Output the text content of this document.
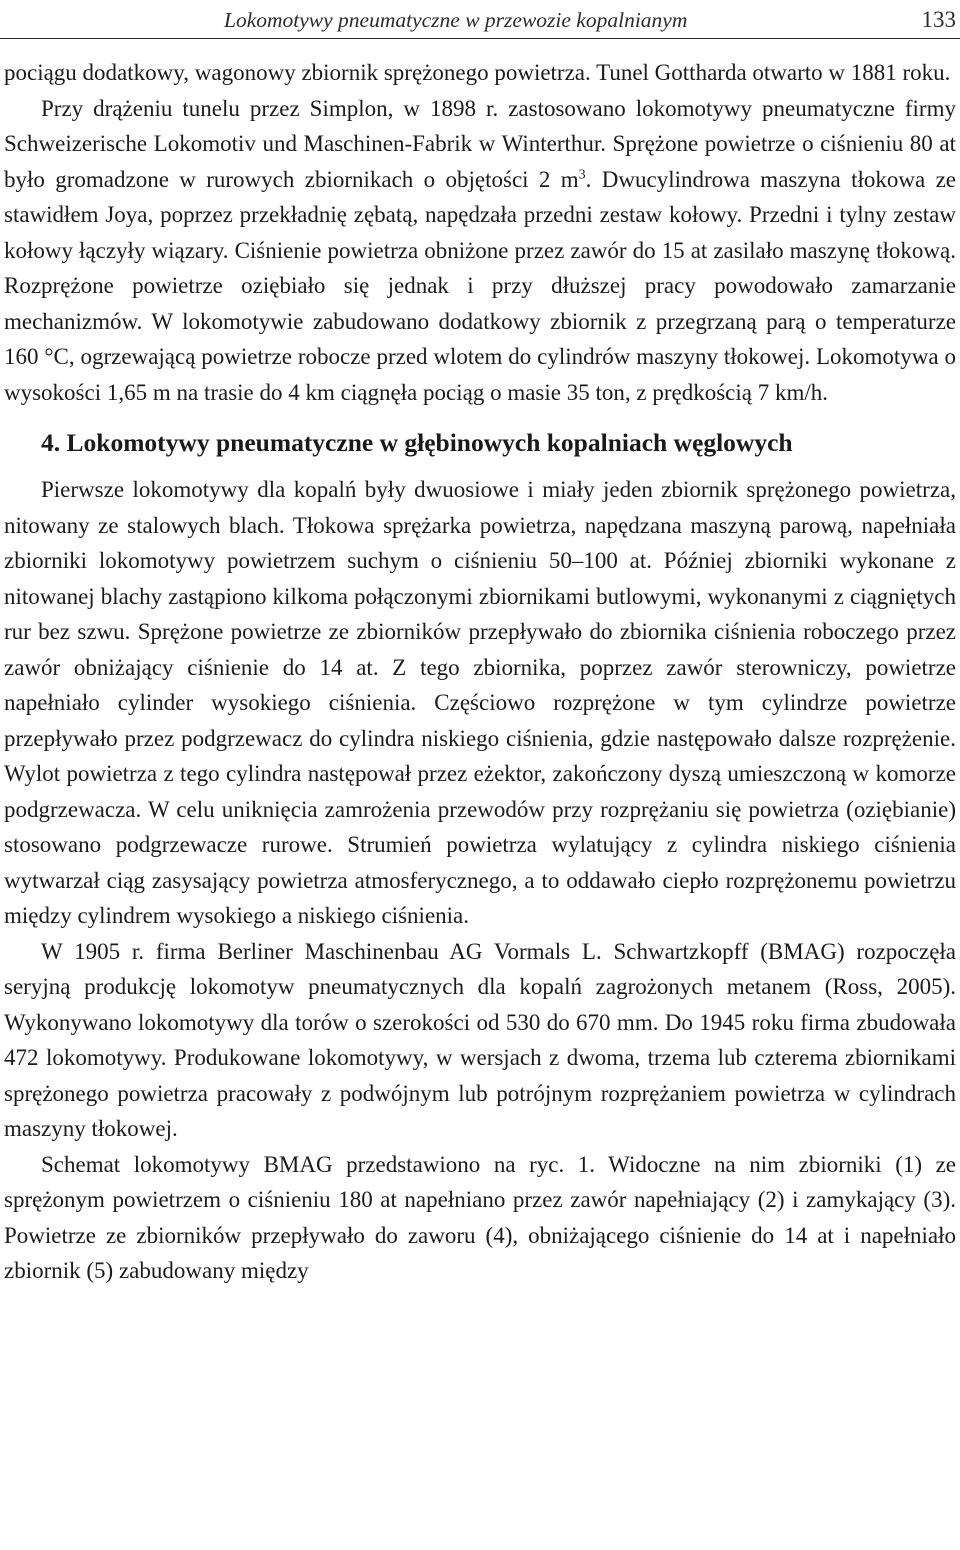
Lokomotywy pneumatyczne w przewozie kopalnianym	133

pociągu dodatkowy, wagonowy zbiornik sprężonego powietrza. Tunel Gottharda otwarto w 1881 roku.

Przy drążeniu tunelu przez Simplon, w 1898 r. zastosowano lokomotywy pneumatyczne firmy Schweizerische Lokomotiv und Maschinen-Fabrik w Winterthur. Sprężone powietrze o ciśnieniu 80 at było gromadzone w rurowych zbiornikach o objętości 2 $m^3$. Dwucylindrowa maszyna tłokowa ze stawidłem Joya, poprzez przekładnię zębatą, napędzała przedni zestaw kołowy. Przedni i tylny zestaw kołowy łączyły wiązary. Ciśnienie powietrza obniżone przez zawór do 15 at zasilało maszynę tłokową. Rozprężone powietrze oziębiało się jednak i przy dłuższej pracy powodowało zamarzanie mechanizmów. W lokomotywie zabudowano dodatkowy zbiornik z przegrzaną parą o temperaturze 160 °C, ogrzewającą powietrze robocze przed wlotem do cylindrów maszyny tłokowej. Lokomotywa o wysokości 1,65 m na trasie do 4 km ciągnęła pociąg o masie 35 ton, z prędkością 7 km/h.

4. Lokomotywy pneumatyczne w głębinowych kopalniach węglowych

Pierwsze lokomotywy dla kopalń były dwuosiowe i miały jeden zbiornik sprężonego powietrza, nitowany ze stalowych blach. Tłokowa sprężarka powietrza, napędzana maszyną parową, napełniała zbiorniki lokomotywy powietrzem suchym o ciśnieniu 50–100 at. Później zbiorniki wykonane z nitowanej blachy zastąpiono kilkoma połączonymi zbiornikami butlowymi, wykonanymi z ciągniętych rur bez szwu. Sprężone powietrze ze zbiorników przepływało do zbiornika ciśnienia roboczego przez zawór obniżający ciśnienie do 14 at. Z tego zbiornika, poprzez zawór sterowniczy, powietrze napełniało cylinder wysokiego ciśnienia. Częściowo rozprężone w tym cylindrze powietrze przepływało przez podgrzewacz do cylindra niskiego ciśnienia, gdzie następowało dalsze rozprężenie. Wylot powietrza z tego cylindra następował przez eżektor, zakończony dyszą umieszczoną w komorze podgrzewacza. W celu uniknięcia zamrożenia przewodów przy rozprężaniu się powietrza (oziębianie) stosowano podgrzewacze rurowe. Strumień powietrza wylatujący z cylindra niskiego ciśnienia wytwarzał ciąg zasysający powietrza atmosferycznego, a to oddawało ciepło rozprężonemu powietrzu między cylindrem wysokiego a niskiego ciśnienia.

W 1905 r. firma Berliner Maschinenbau AG Vormals L. Schwartzkopff (BMAG) rozpoczęła seryjną produkcję lokomotyw pneumatycznych dla kopalń zagrożonych metanem (Ross, 2005). Wykonywano lokomotywy dla torów o szerokości od 530 do 670 mm. Do 1945 roku firma zbudowała 472 lokomotywy. Produkowane lokomotywy, w wersjach z dwoma, trzema lub czterema zbiornikami sprężonego powietrza pracowały z podwójnym lub potrójnym rozprężaniem powietrza w cylindrach maszyny tłokowej.

Schemat lokomotywy BMAG przedstawiono na ryc. 1. Widoczne na nim zbiorniki (1) ze sprężonym powietrzem o ciśnieniu 180 at napełniano przez zawór napełniający (2) i zamykający (3). Powietrze ze zbiorników przepływało do zaworu (4), obniżającego ciśnienie do 14 at i napełniało zbiornik (5) zabudowany między
